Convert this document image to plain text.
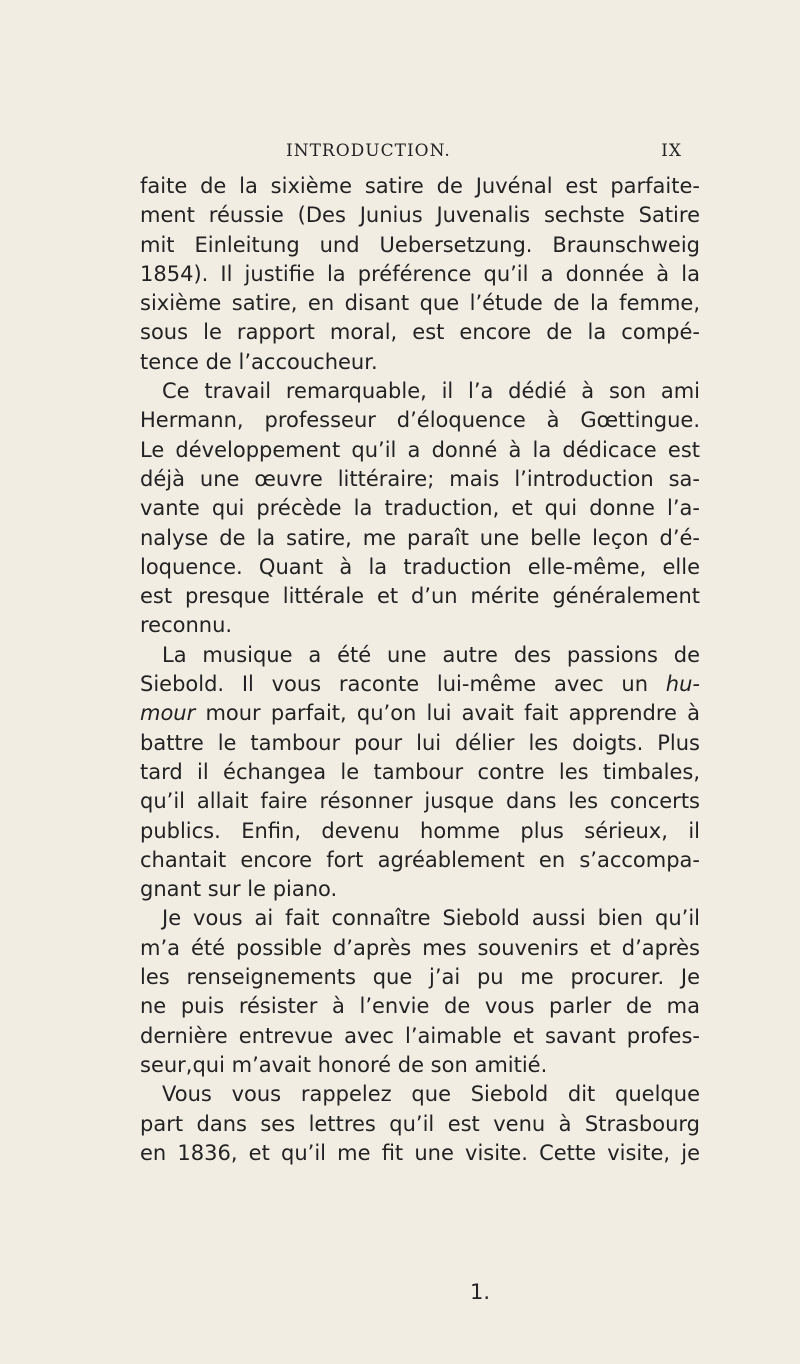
INTRODUCTION.	IX
faite de la sixième satire de Juvénal est parfaite-
ment réussie (Des Junius Juvenalis sechste Satire
mit Einleitung und Uebersetzung. Braunschweig
1854). Il justifie la préférence qu’il a donnée à la
sixième satire, en disant que l’étude de la femme,
sous le rapport moral, est encore de la compé-
tence de l’accoucheur.
Ce travail remarquable, il l’a dédié à son ami
Hermann, professeur d’éloquence à Gœttingue.
Le développement qu’il a donné à la dédicace est
déjà une œuvre littéraire; mais l’introduction sa-
vante qui précède la traduction, et qui donne l’a-
nalyse de la satire, me paraît une belle leçon d’é-
loquence. Quant à la traduction elle-même, elle
est presque littérale et d’un mérite généralement
reconnu.
La musique a été une autre des passions de
Siebold. Il vous raconte lui-même avec un hu-
mour mour parfait, qu’on lui avait fait apprendre à
battre le tambour pour lui délier les doigts. Plus
tard il échangea le tambour contre les timbales,
qu’il allait faire résonner jusque dans les concerts
publics. Enfin, devenu homme plus sérieux, il
chantait encore fort agréablement en s’accompa-
gnant sur le piano.
Je vous ai fait connaître Siebold aussi bien qu’il
m’a été possible d’après mes souvenirs et d’après
les renseignements que j’ai pu me procurer. Je
ne puis résister à l’envie de vous parler de ma
dernière entrevue avec l’aimable et savant profes-
seur,qui m’avait honoré de son amitié.
Vous vous rappelez que Siebold dit quelque
part dans ses lettres qu’il est venu à Strasbourg
en 1836, et qu’il me fit une visite. Cette visite, je
1.
